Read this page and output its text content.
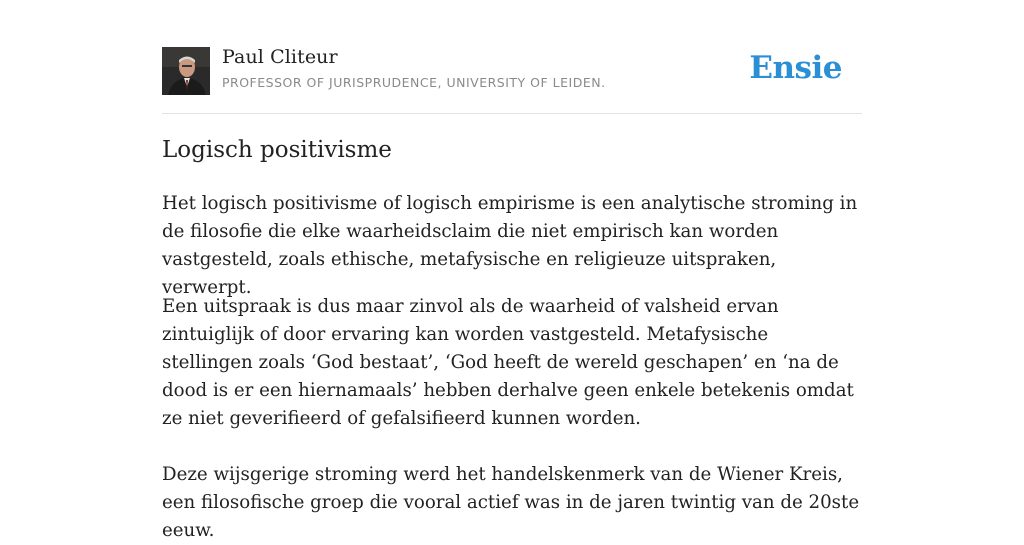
Paul Cliteur
PROFESSOR OF JURISPRUDENCE, UNIVERSITY OF LEIDEN.	Ensie
Logisch positivisme

Het logisch positivisme of logisch empirisme is een analytische stroming in de filosofie die elke waarheidsclaim die niet empirisch kan worden vastgesteld, zoals ethische, metafysische en religieuze uitspraken, verwerpt.

Een uitspraak is dus maar zinvol als de waarheid of valsheid ervan zintuiglijk of door ervaring kan worden vastgesteld. Metafysische stellingen zoals ‘God bestaat’, ‘God heeft de wereld geschapen’ en ‘na de dood is er een hiernamaals’ hebben derhalve geen enkele betekenis omdat ze niet geverifieerd of gefalsifieerd kunnen worden.

Deze wijsgerige stroming werd het handelskenmerk van de Wiener Kreis, een filosofische groep die vooral actief was in de jaren twintig van de 20ste eeuw.
